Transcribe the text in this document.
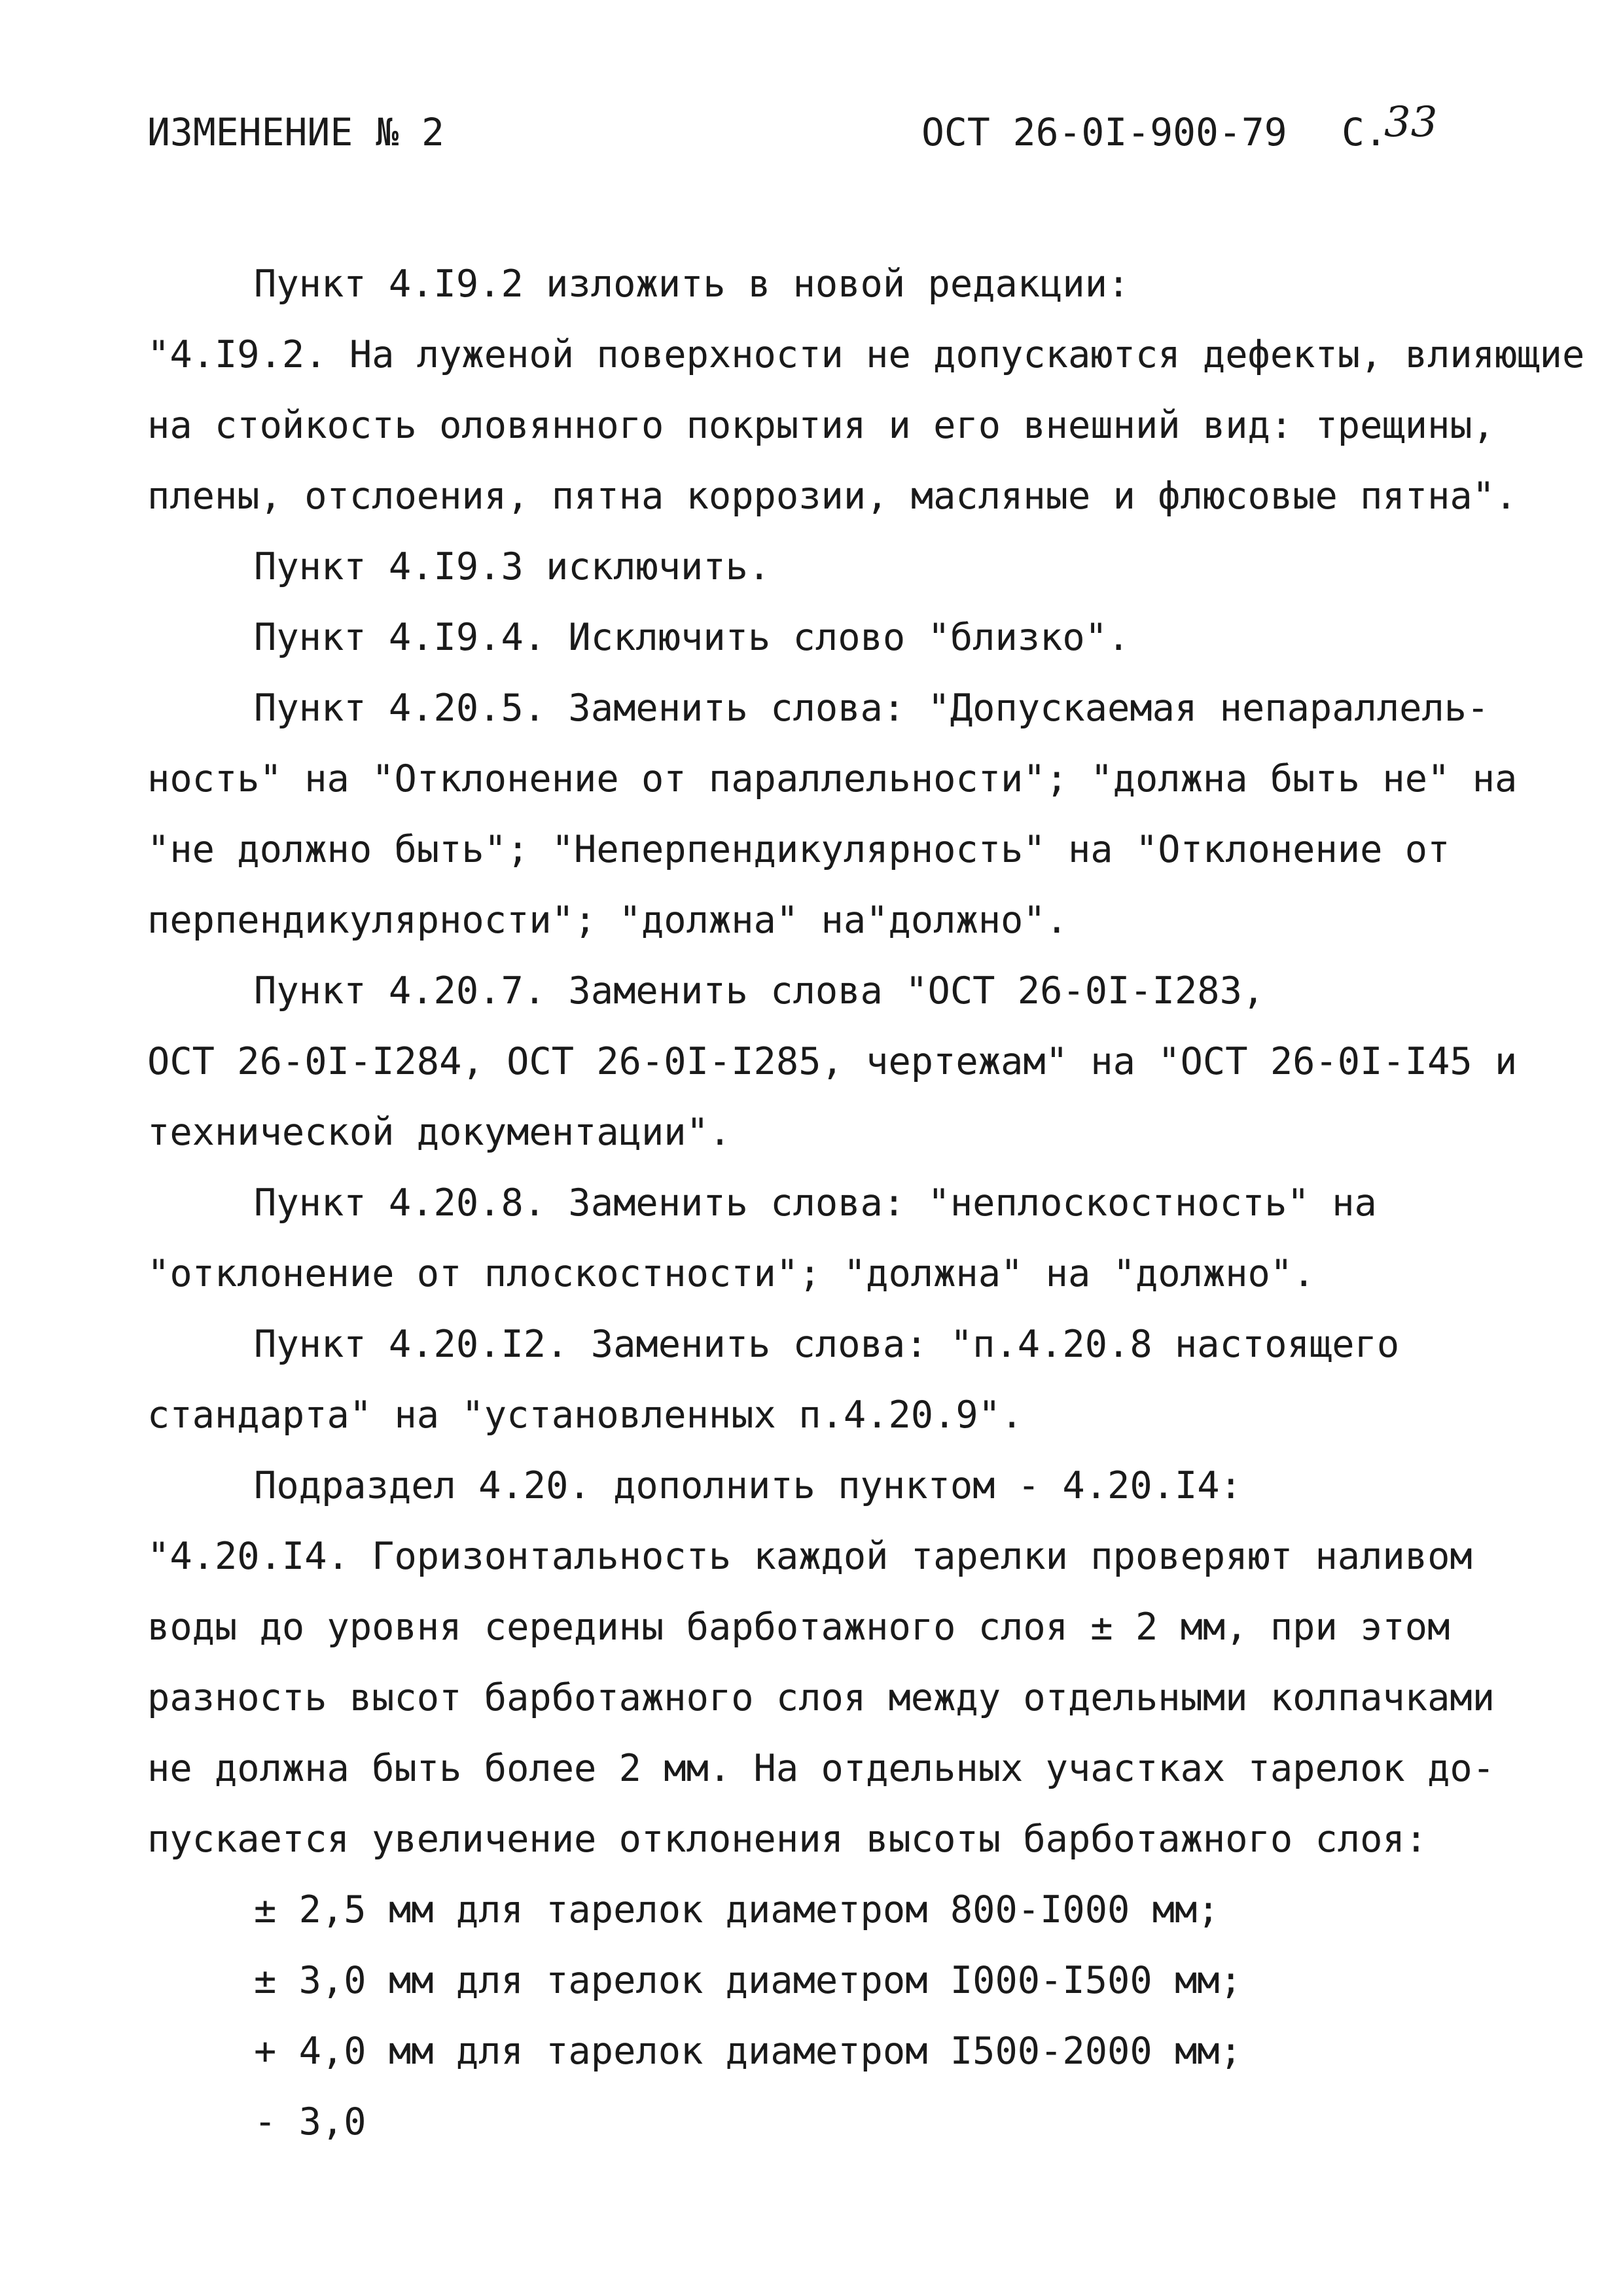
ИЗМЕНЕНИЕ № 2	ОСТ 26-0I-900-79 С.
33
Пункт 4.I9.2 изложить в новой редакции:
"4.I9.2. На луженой поверхности не допускаются дефекты, влияющие
на стойкость оловянного покрытия и его внешний вид: трещины,
плены, отслоения, пятна коррозии, масляные и флюсовые пятна".
Пункт 4.I9.3 исключить.
Пункт 4.I9.4. Исключить слово "близко".
Пункт 4.20.5. Заменить слова: "Допускаемая непараллель-
ность" на "Отклонение от параллельности"; "должна быть не" на
"не должно быть"; "Неперпендикулярность" на "Отклонение от
перпендикулярности"; "должна" на"должно".
Пункт 4.20.7. Заменить слова "ОСТ 26-0I-I283,
ОСТ 26-0I-I284, ОСТ 26-0I-I285, чертежам" на "ОСТ 26-0I-I45 и
технической документации".
Пункт 4.20.8. Заменить слова: "неплоскостность" на
"отклонение от плоскостности"; "должна" на "должно".
Пункт 4.20.I2. Заменить слова: "п.4.20.8 настоящего
стандарта" на "установленных п.4.20.9".
Подраздел 4.20. дополнить пунктом - 4.20.I4:
"4.20.I4. Горизонтальность каждой тарелки проверяют наливом
воды до уровня середины барботажного слоя ± 2 мм, при этом
разность высот барботажного слоя между отдельными колпачками
не должна быть более 2 мм. На отдельных участках тарелок до-
пускается увеличение отклонения высоты барботажного слоя:
± 2,5 мм для тарелок диаметром 800-I000 мм;
± 3,0 мм для тарелок диаметром I000-I500 мм;
+ 4,0 мм для тарелок диаметром I500-2000 мм;
- 3,0
